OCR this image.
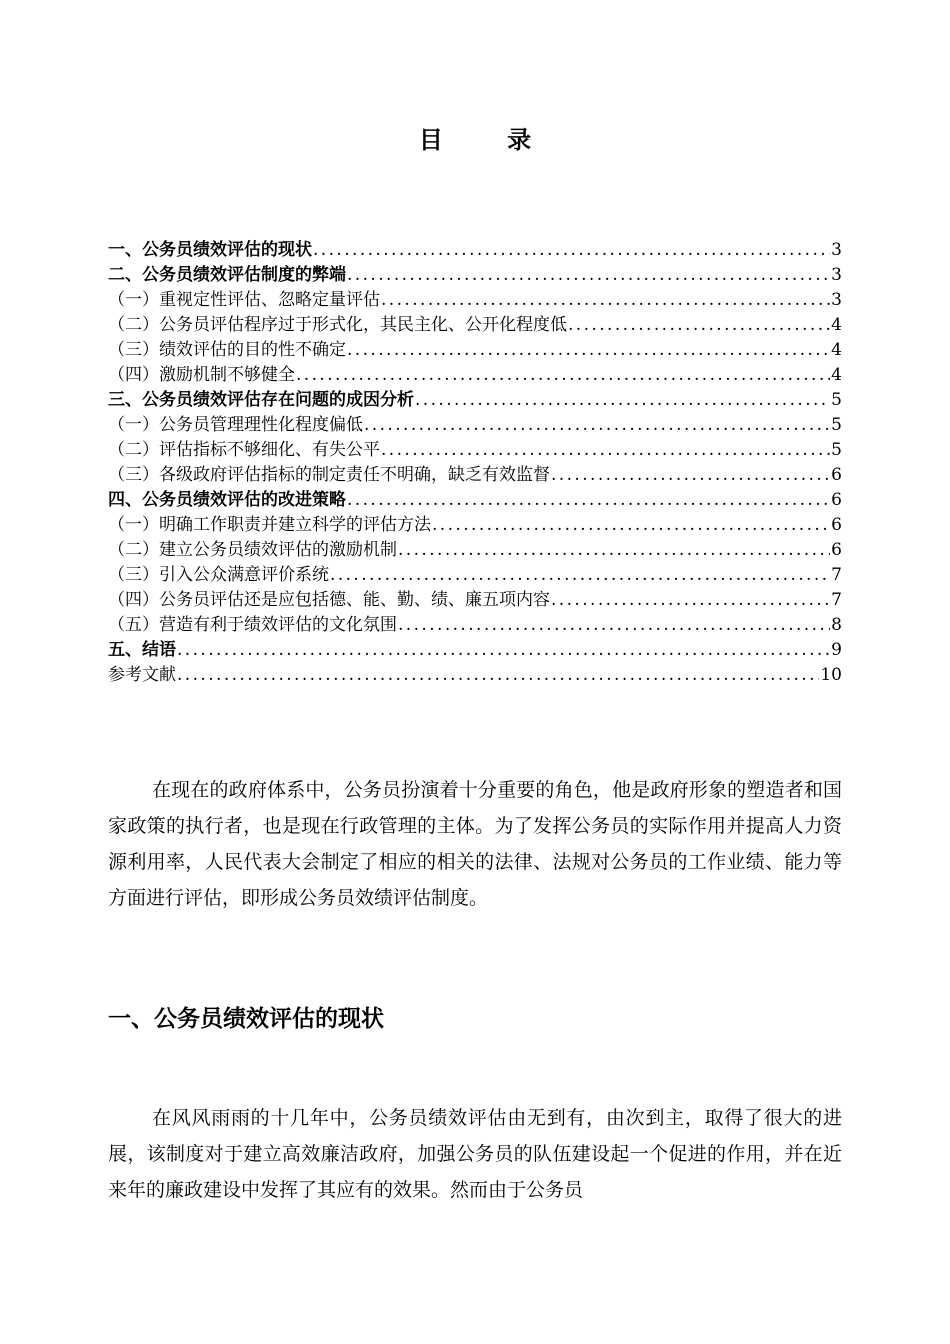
目 录
一、公务员绩效评估的现状 .....	3
二、公务员绩效评估制度的弊端 .....	3
（一）重视定性评估、忽略定量评估 .....	3
（二）公务员评估程序过于形式化，其民主化、公开化程度低 .....	4
（三）绩效评估的目的性不确定 .....	4
（四）激励机制不够健全 .....	4
三、公务员绩效评估存在问题的成因分析 .....	5
（一）公务员管理理性化程度偏低 .....	5
（二）评估指标不够细化、有失公平 .....	5
（三）各级政府评估指标的制定责任不明确，缺乏有效监督 .....	6
四、公务员绩效评估的改进策略 .....	6
（一）明确工作职责并建立科学的评估方法 .....	6
（二）建立公务员绩效评估的激励机制 .....	6
（三）引入公众满意评价系统 .....	7
（四）公务员评估还是应包括德、能、勤、绩、廉五项内容 .....	7
（五）营造有利于绩效评估的文化氛围 .....	8
五、结语 .....	9
参考文献 .....	10

在现在的政府体系中，公务员扮演着十分重要的角色，他是政府形象的塑造者和国家政策的执行者，也是现在行政管理的主体。为了发挥公务员的实际作用并提高人力资源利用率，人民代表大会制定了相应的相关的法律、法规对公务员的工作业绩、能力等方面进行评估，即形成公务员效绩评估制度。

一、公务员绩效评估的现状

在风风雨雨的十几年中，公务员绩效评估由无到有，由次到主，取得了很大的进展，该制度对于建立高效廉洁政府，加强公务员的队伍建设起一个促进的作用，并在近来年的廉政建设中发挥了其应有的效果。然而由于公务员
